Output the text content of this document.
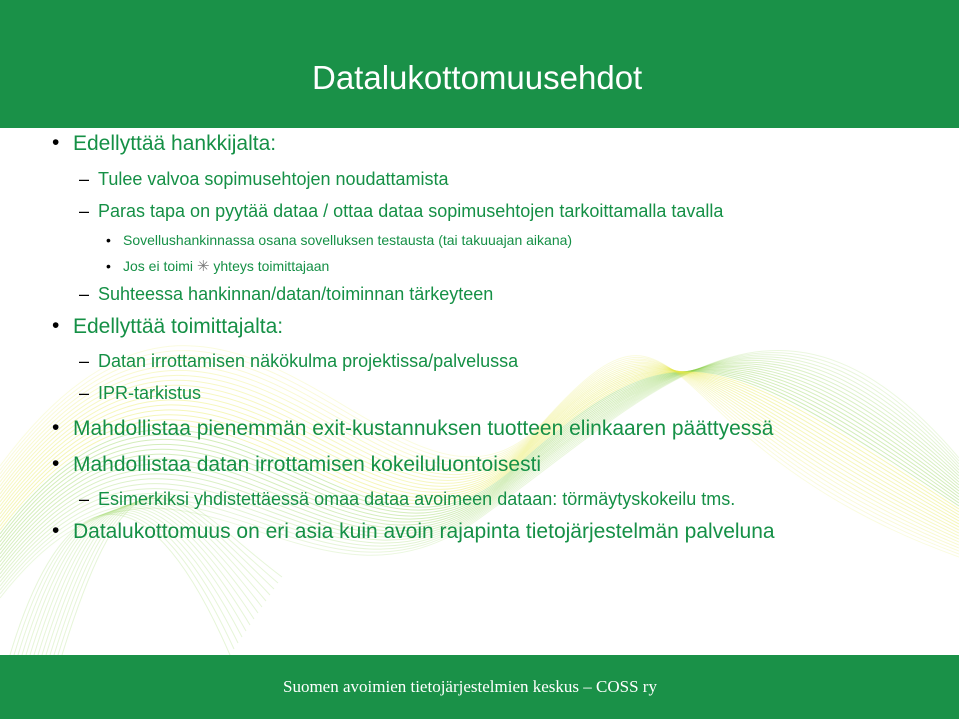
Datalukottomuusehdot
• Edellyttää hankkijalta:
– Tulee valvoa sopimusehtojen noudattamista
– Paras tapa on pyytää dataa / ottaa dataa sopimusehtojen tarkoittamalla tavalla
• Sovellushankinnassa osana sovelluksen testausta (tai takuuajan aikana)
• Jos ei toimi ✳ yhteys toimittajaan
– Suhteessa hankinnan/datan/toiminnan tärkeyteen
• Edellyttää toimittajalta:
– Datan irrottamisen näkökulma projektissa/palvelussa
– IPR-tarkistus
• Mahdollistaa pienemmän exit-kustannuksen tuotteen elinkaaren päättyessä
• Mahdollistaa datan irrottamisen kokeiluluontoisesti
– Esimerkiksi yhdistettäessä omaa dataa avoimeen dataan: törmäytyskokeilu tms.
• Datalukottomuus on eri asia kuin avoin rajapinta tietojärjestelmän palveluna
Suomen avoimien tietojärjestelmien keskus – COSS ry
